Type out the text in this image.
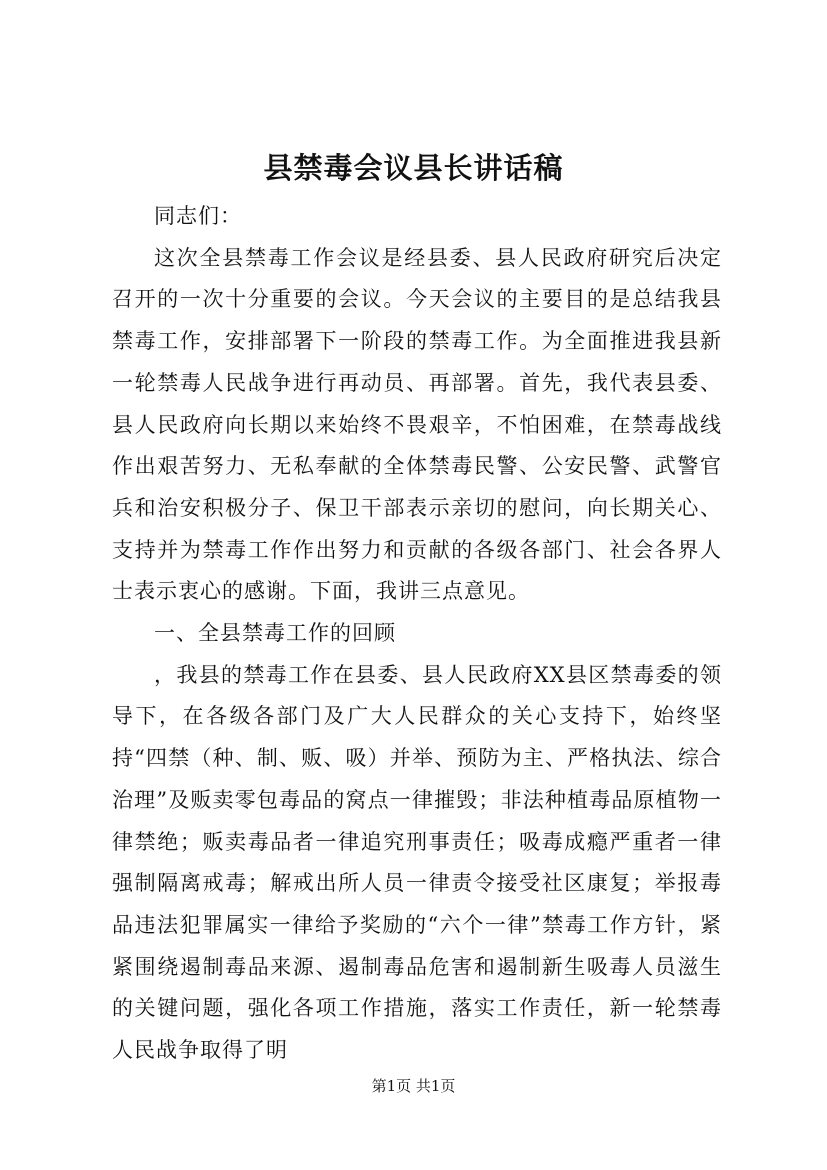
县禁毒会议县长讲话稿

同志们：

这次全县禁毒工作会议是经县委、县人民政府研究后决定召开的一次十分重要的会议。今天会议的主要目的是总结我县禁毒工作，安排部署下一阶段的禁毒工作。为全面推进我县新一轮禁毒人民战争进行再动员、再部署。首先，我代表县委、县人民政府向长期以来始终不畏艰辛，不怕困难，在禁毒战线作出艰苦努力、无私奉献的全体禁毒民警、公安民警、武警官兵和治安积极分子、保卫干部表示亲切的慰问，向长期关心、支持并为禁毒工作作出努力和贡献的各级各部门、社会各界人士表示衷心的感谢。下面，我讲三点意见。

一、全县禁毒工作的回顾

，我县的禁毒工作在县委、县人民政府XX县区禁毒委的领导下，在各级各部门及广大人民群众的关心支持下，始终坚持“四禁（种、制、贩、吸）并举、预防为主、严格执法、综合治理”及贩卖零包毒品的窝点一律摧毁；非法种植毒品原植物一律禁绝；贩卖毒品者一律追究刑事责任；吸毒成瘾严重者一律强制隔离戒毒；解戒出所人员一律责令接受社区康复；举报毒品违法犯罪属实一律给予奖励的“六个一律”禁毒工作方针，紧紧围绕遏制毒品来源、遏制毒品危害和遏制新生吸毒人员滋生的关键问题，强化各项工作措施，落实工作责任，新一轮禁毒人民战争取得了明

第1页 共1页
